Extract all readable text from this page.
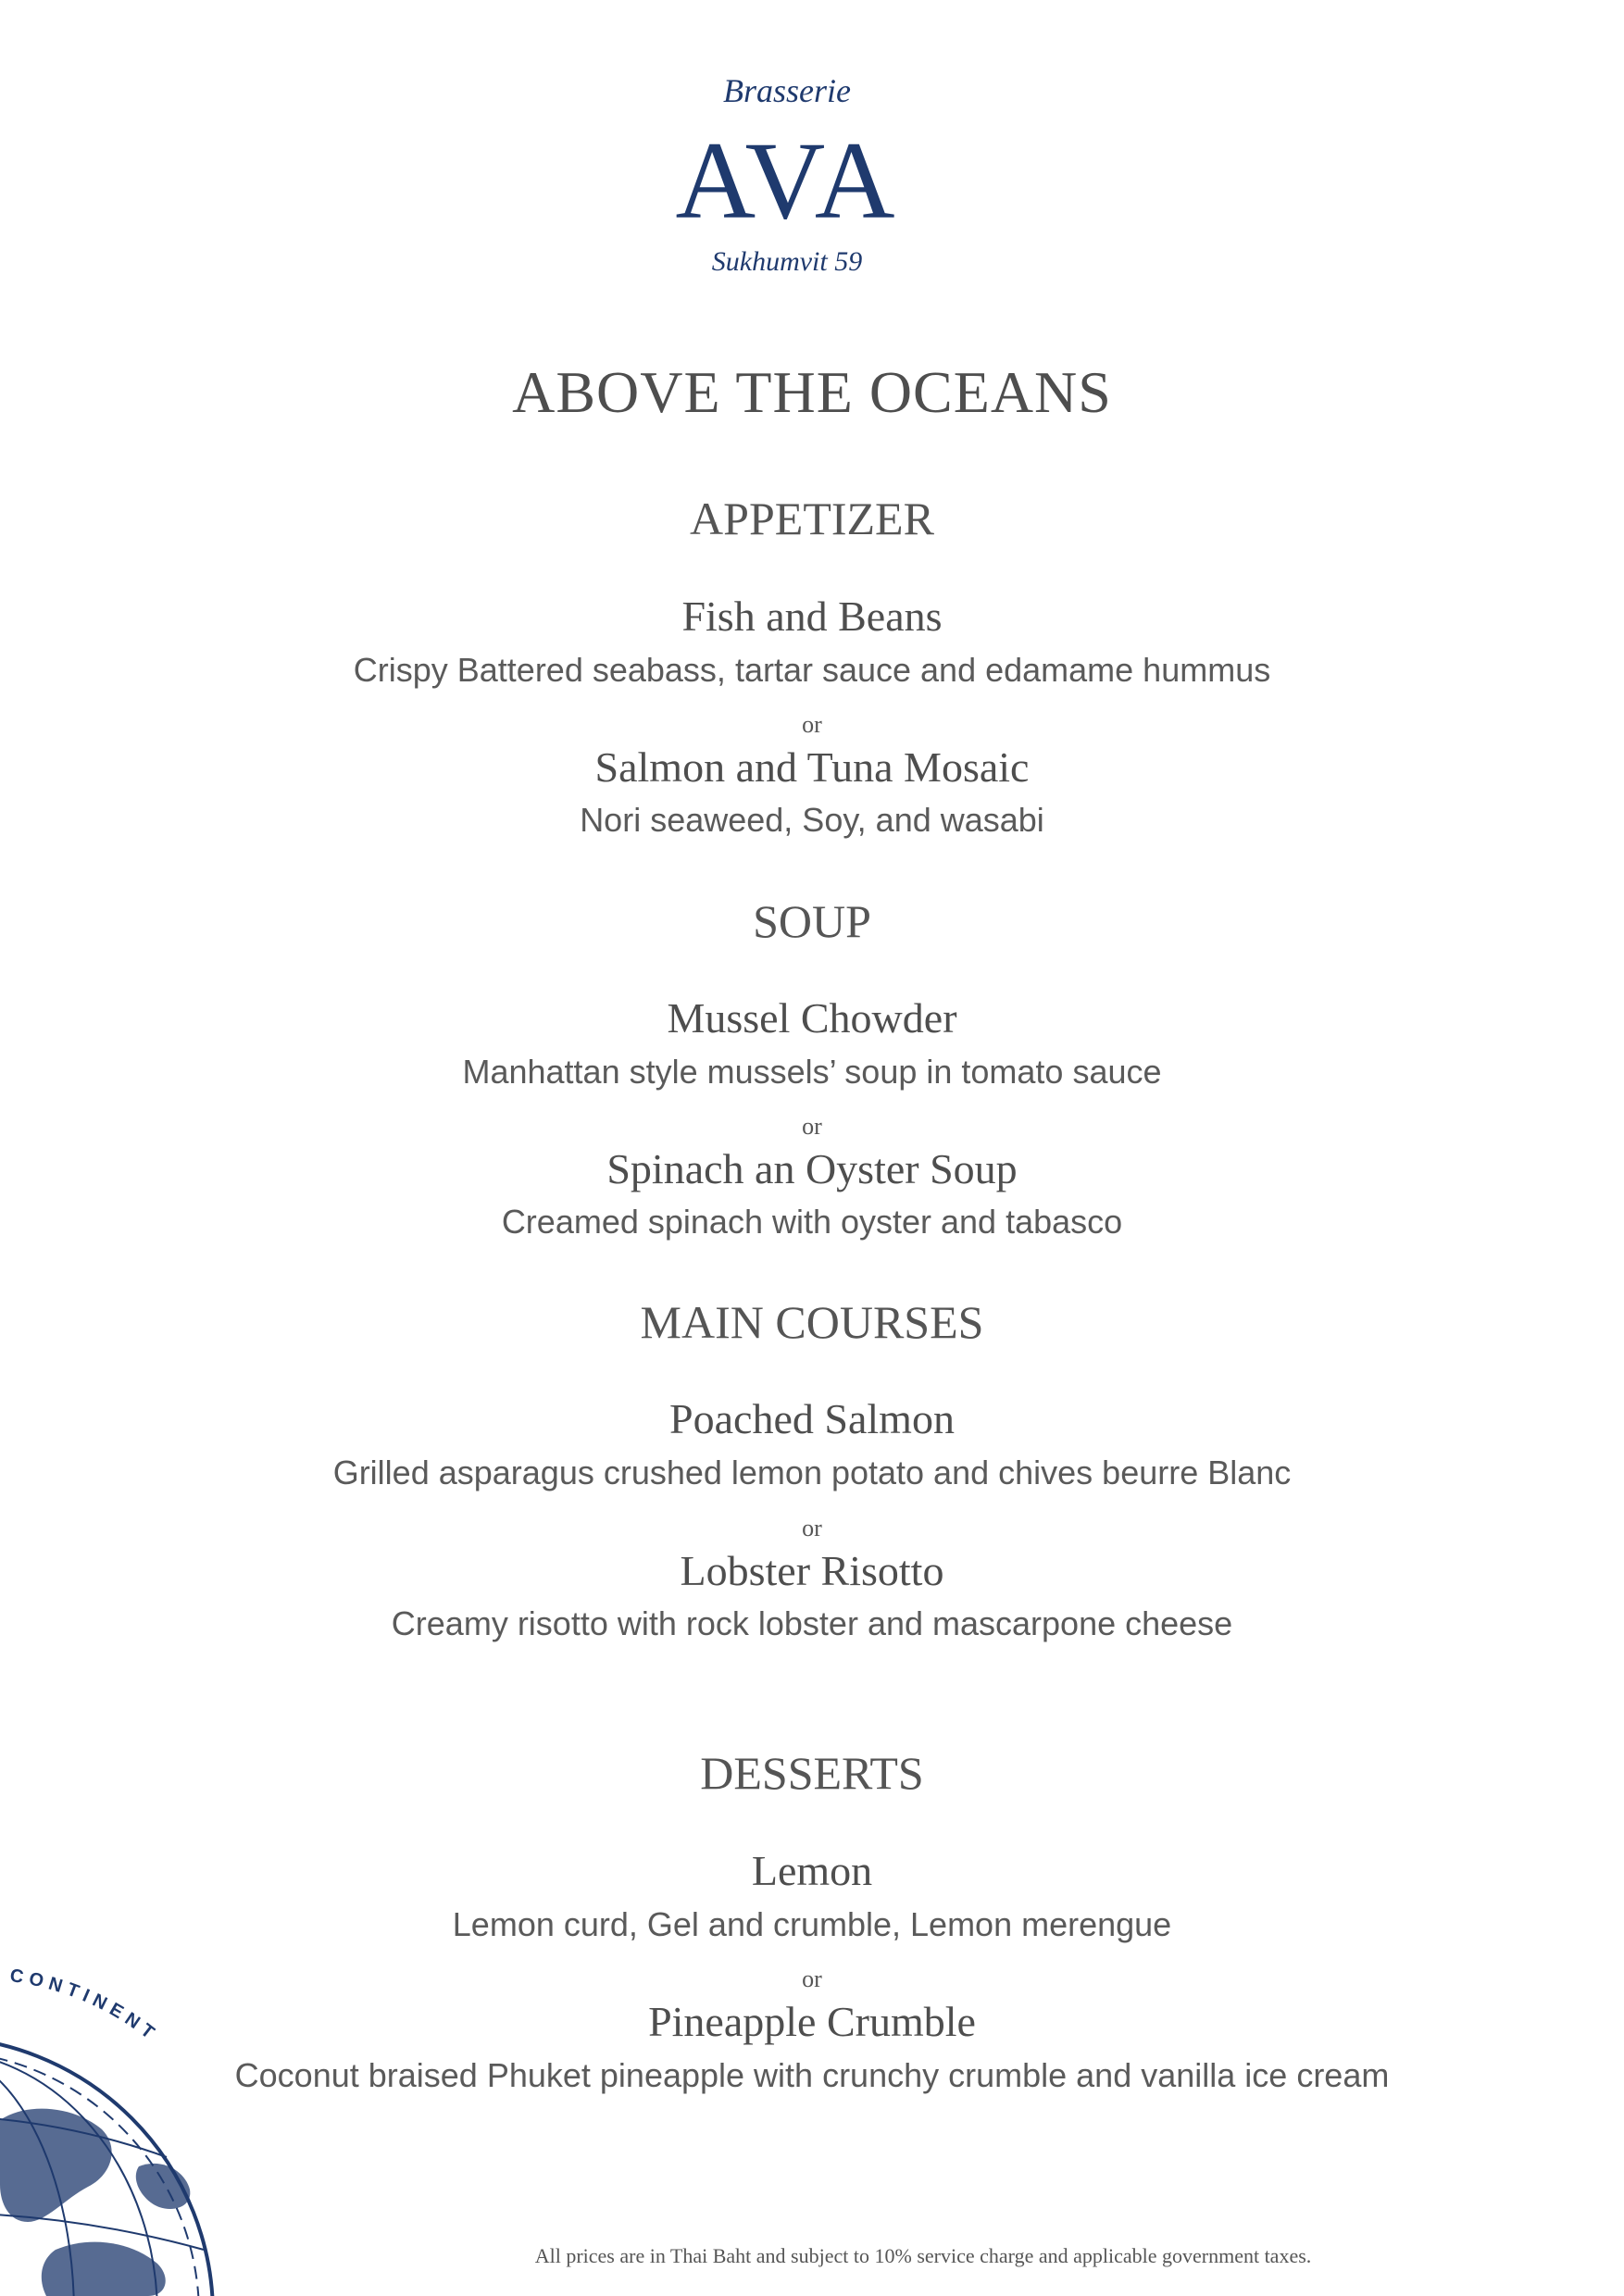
Brasserie
AVA
Sukhumvit 59
ABOVE THE OCEANS
APPETIZER
Fish and Beans
Crispy Battered seabass, tartar sauce and edamame hummus
or
Salmon and Tuna Mosaic
Nori seaweed, Soy, and wasabi
SOUP
Mussel Chowder
Manhattan style mussels’ soup in tomato sauce
or
Spinach an Oyster Soup
Creamed spinach with oyster and tabasco
MAIN COURSES
Poached Salmon
Grilled asparagus crushed lemon potato and chives beurre Blanc
or
Lobster Risotto
Creamy risotto with rock lobster and mascarpone cheese
DESSERTS
Lemon
Lemon curd, Gel and crumble, Lemon merengue
or
Pineapple Crumble
Coconut braised Phuket pineapple with crunchy crumble and vanilla ice cream
CONTINENT
All prices are in Thai Baht and subject to 10% service charge and applicable government taxes.
